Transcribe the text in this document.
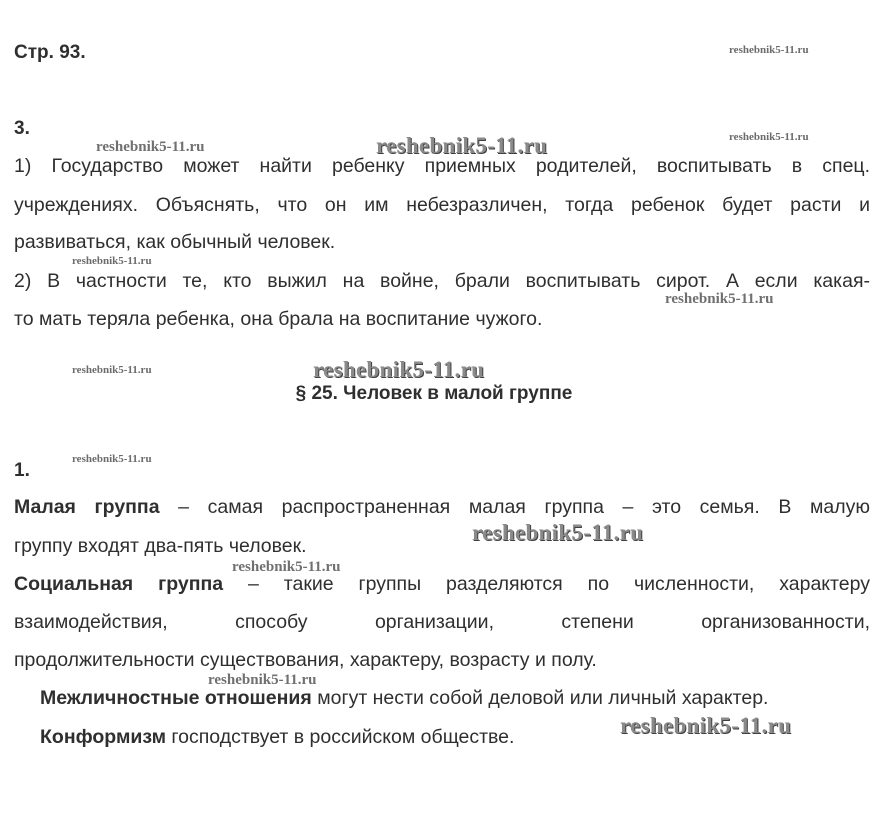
Стр. 93.
3.
1) Государство может найти ребенку приемных родителей, воспитывать в спец.
учреждениях. Объяснять, что он им небезразличен, тогда ребенок будет расти и
развиваться, как обычный человек.
2) В частности те, кто выжил на войне, брали воспитывать сирот. А если какая-
то мать теряла ребенка, она брала на воспитание чужого.
§ 25. Человек в малой группе
1.
Малая группа – самая распространенная малая группа – это семья. В малую
группу входят два-пять человек.
Социальная группа – такие группы разделяются по численности, характеру
взаимодействия, способу организации, степени организованности,
продолжительности существования, характеру, возрасту и полу.
Межличностные отношения могут нести собой деловой или личный характер.
Конформизм господствует в российском обществе.
reshebnik5-11.ru
reshebnik5-11.ru
reshebnik5-11.ru	reshebnik5-11.ru
reshebnik5-11.ru
reshebnik5-11.ru
reshebnik5-11.ru
reshebnik5-11.ru
reshebnik5-11.ru
reshebnik5-11.ru
reshebnik5-11.ru
reshebnik5-11.ru
reshebnik5-11.ru
